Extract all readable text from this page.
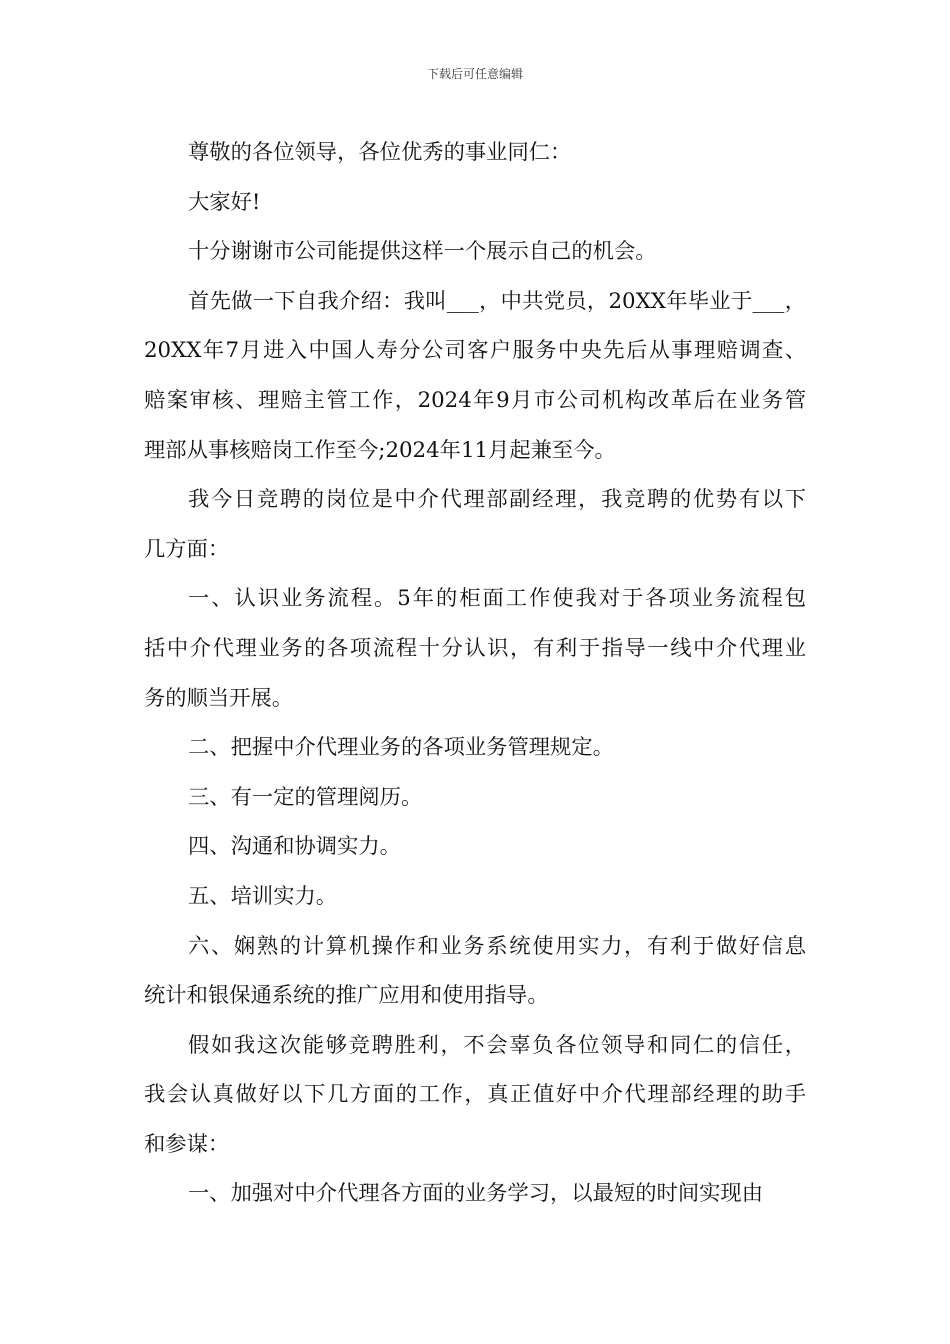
下载后可任意编辑

尊敬的各位领导，各位优秀的事业同仁：

大家好!

十分谢谢市公司能提供这样一个展示自己的机会。

首先做一下自我介绍：我叫___，中共党员，20XX年毕业于___，
20XX年7月进入中国人寿分公司客户服务中央先后从事理赔调查、
赔案审核、理赔主管工作，2024年9月市公司机构改革后在业务管
理部从事核赔岗工作至今;2024年11月起兼至今。

我今日竞聘的岗位是中介代理部副经理，我竞聘的优势有以下
几方面：

一、认识业务流程。5年的柜面工作使我对于各项业务流程包
括中介代理业务的各项流程十分认识，有利于指导一线中介代理业
务的顺当开展。

二、把握中介代理业务的各项业务管理规定。

三、有一定的管理阅历。

四、沟通和协调实力。

五、培训实力。

六、娴熟的计算机操作和业务系统使用实力，有利于做好信息
统计和银保通系统的推广应用和使用指导。

假如我这次能够竞聘胜利，不会辜负各位领导和同仁的信任，
我会认真做好以下几方面的工作，真正值好中介代理部经理的助手
和参谋：

一、加强对中介代理各方面的业务学习，以最短的时间实现由
